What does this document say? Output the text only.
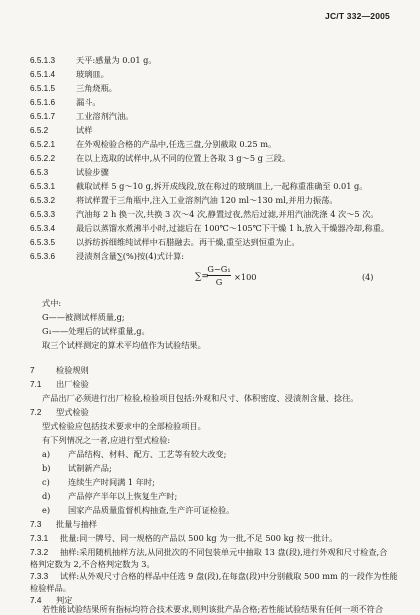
JC/T 332—2005
6.5.1.3	天平:感量为 0.01 g。
6.5.1.4	玻璃皿。
6.5.1.5	三角烧瓶。
6.5.1.6	漏斗。
6.5.1.7	工业溶剂汽油。
6.5.2	试样
6.5.2.1	在外观检验合格的产品中,任选三盘,分别截取 0.25 m。
6.5.2.2	在以上选取的试样中,从不同的位置上各取 3 g～5 g 三段。
6.5.3	试验步骤
6.5.3.1	截取试样 5 g～10 g,拆开成线段,放在称过的玻璃皿上,一起称重准确至 0.01 g。
6.5.3.2	将试样置于三角瓶中,注入工业溶剂汽油 120 ml～130 ml,并用力振荡。
6.5.3.3	汽油每 2 h 换一次,共换 3 次～4 次,静置过夜,然后过滤,并用汽油洗涤 4 次～5 次。
6.5.3.4	最后以蒸馏水煮沸半小时,过滤后在 100℃～105℃下干燥 1 h,放入干燥器冷却,称重。
6.5.3.5	以拆纺拆细维纯试样中石腊融去。再干燥,重至达到恒重为止。
6.5.3.6	浸渍剂含量∑(%)按(4)式计算:
∑=
$\frac{\text{G−G₁}}{G} \times 100$	(4)
式中:
G——被测试样质量,g;
G₁——处理后的试样重量,g。
取三个试样测定的算术平均值作为试验结果。
7	检验规则
7.1 出厂检验
产品出厂必须进行出厂检验,检验项目包括:外观和尺寸、体积密度、浸渍剂含量、捻往。
7.2 型式检验
型式检验应包括技术要求中的全部检验项目。
有下列情况之一者,应进行型式检验:
a) 产品结构、材料、配方、工艺等有较大改变;
b) 试制新产品;
c) 连续生产时间满 1 年时;
d) 产品停产半年以上恢复生产时;
e) 国家产品质量监督机构抽查,生产许可证检验。
7.3 批量与抽样
7.3.1 批量:同一牌号、同一规格的产品以 500 kg 为一批,不足 500 kg 按一批计。
7.3.2 抽样:采用随机抽样方法,从同批次的不同包装单元中抽取 13 盘(段),进行外观和尺寸检查,合
格判定数为 2,不合格判定数为 3。
7.3.3 试样:从外观尺寸合格的样品中任选 9 盘(段),在每盘(段)中分别截取 500 mm 的一段作为性能
检验样品。
7.4 判定
若性能试验结果所有指标均符合技术要求,则判该批产品合格;若性能试验结果有任何一项不符合
